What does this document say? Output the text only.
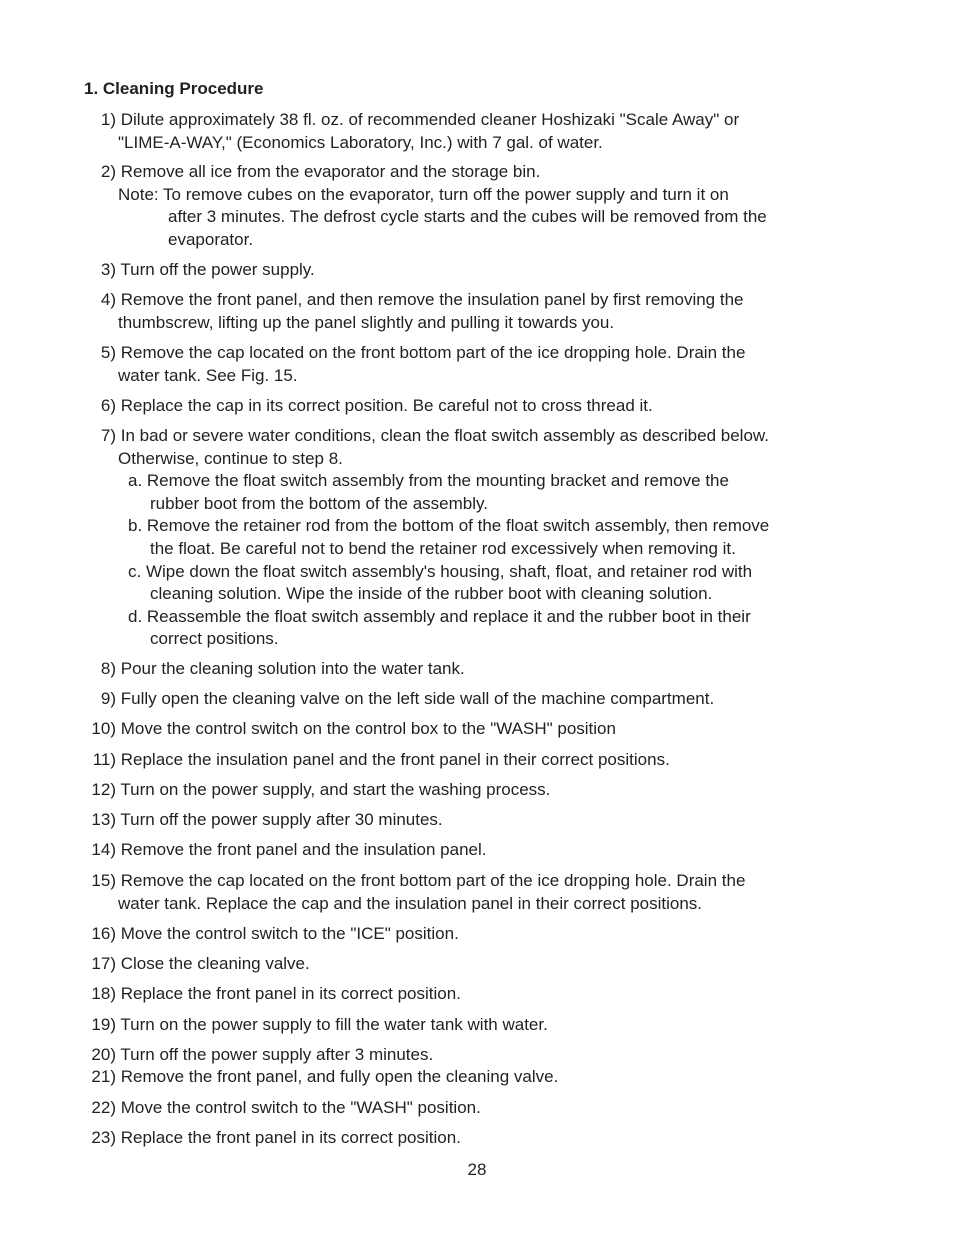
1. Cleaning Procedure
1) Dilute approximately 38 fl. oz. of recommended cleaner Hoshizaki "Scale Away" or
"LIME-A-WAY," (Economics Laboratory, Inc.) with 7 gal. of water.
2) Remove all ice from the evaporator and the storage bin.
Note: To remove cubes on the evaporator, turn off the power supply and turn it on
after 3 minutes. The defrost cycle starts and the cubes will be removed from the
evaporator.
3) Turn off the power supply.
4) Remove the front panel, and then remove the insulation panel by first removing the
thumbscrew, lifting up the panel slightly and pulling it towards you.
5) Remove the cap located on the front bottom part of the ice dropping hole. Drain the
water tank. See Fig. 15.
6) Replace the cap in its correct position. Be careful not to cross thread it.
7) In bad or severe water conditions, clean the float switch assembly as described below.
Otherwise, continue to step 8.
a. Remove the float switch assembly from the mounting bracket and remove the
rubber boot from the bottom of the assembly.
b. Remove the retainer rod from the bottom of the float switch assembly, then remove
the float. Be careful not to bend the retainer rod excessively when removing it.
c. Wipe down the float switch assembly's housing, shaft, float, and retainer rod with
cleaning solution. Wipe the inside of the rubber boot with cleaning solution.
d. Reassemble the float switch assembly and replace it and the rubber boot in their
correct positions.
8) Pour the cleaning solution into the water tank.
9) Fully open the cleaning valve on the left side wall of the machine compartment.
10) Move the control switch on the control box to the "WASH" position
11) Replace the insulation panel and the front panel in their correct positions.
12) Turn on the power supply, and start the washing process.
13) Turn off the power supply after 30 minutes.
14) Remove the front panel and the insulation panel.
15) Remove the cap located on the front bottom part of the ice dropping hole. Drain the
water tank. Replace the cap and the insulation panel in their correct positions.
16) Move the control switch to the "ICE" position.
17) Close the cleaning valve.
18) Replace the front panel in its correct position.
19) Turn on the power supply to fill the water tank with water.
20) Turn off the power supply after 3 minutes.
21) Remove the front panel, and fully open the cleaning valve.
22) Move the control switch to the "WASH" position.
23) Replace the front panel in its correct position.
28
